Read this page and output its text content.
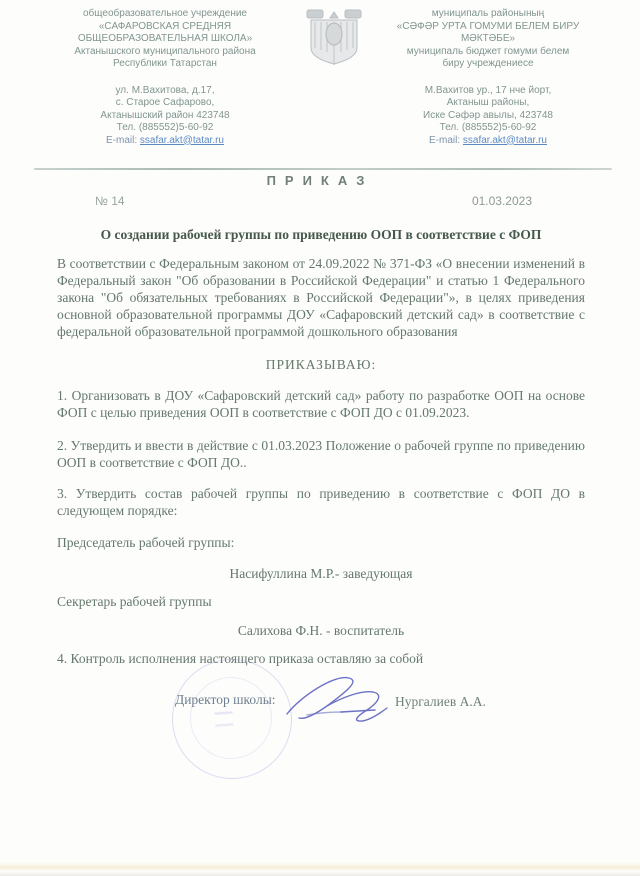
общеобразовательное учреждение
«САФАРОВСКАЯ СРЕДНЯЯ
ОБЩЕОБРАЗОВАТЕЛЬНАЯ ШКОЛА»
Актанышского муниципального района
Республики Татарстан
ул. М.Вахитова, д.17,
с. Старое Сафарово,
Актанышский район 423748
Тел. (885552)5-60-92
E-mail: ssafar.akt@tatar.ru
муниципаль районының
«СӘФӘР УРТА ГОМУМИ БЕЛЕМ БИРУ
МӘКТӘБЕ»
муниципаль бюджет гомуми белем
биру учреждениесе
М.Вахитов ур., 17 нче йорт,
Актаныш районы,
Иске Сәфәр авылы, 423748
Тел. (885552)5-60-92
E-mail: ssafar.akt@tatar.ru
ПРИКАЗ
№ 14	01.03.2023
О создании рабочей группы по приведению ООП в соответствие с ФОП
В соответствии с Федеральным законом от 24.09.2022 № 371-ФЗ «О внесении изменений в Федеральный закон "Об образовании в Российской Федерации" и статью 1 Федерального закона "Об обязательных требованиях в Российской Федерации"», в целях приведения основной образовательной программы ДОУ «Сафаровский детский сад» в соответствие с федеральной образовательной программой дошкольного образования
ПРИКАЗЫВАЮ:
1. Организовать в ДОУ «Сафаровский детский сад» работу по разработке ООП на основе ФОП с целью приведения ООП в соответствие с ФОП ДО с 01.09.2023.
2. Утвердить и ввести в действие с 01.03.2023 Положение о рабочей группе по приведению ООП в соответствие с ФОП ДО..
3. Утвердить состав рабочей группы по приведению в соответствие с ФОП ДО в следующем порядке:
Председатель рабочей группы:
Насифуллина М.Р.- заведующая
Секретарь рабочей группы
Салихова Ф.Н. - воспитатель
4. Контроль исполнения настоящего приказа оставляю за собой
Директор школы:	Нургалиев А.А.
